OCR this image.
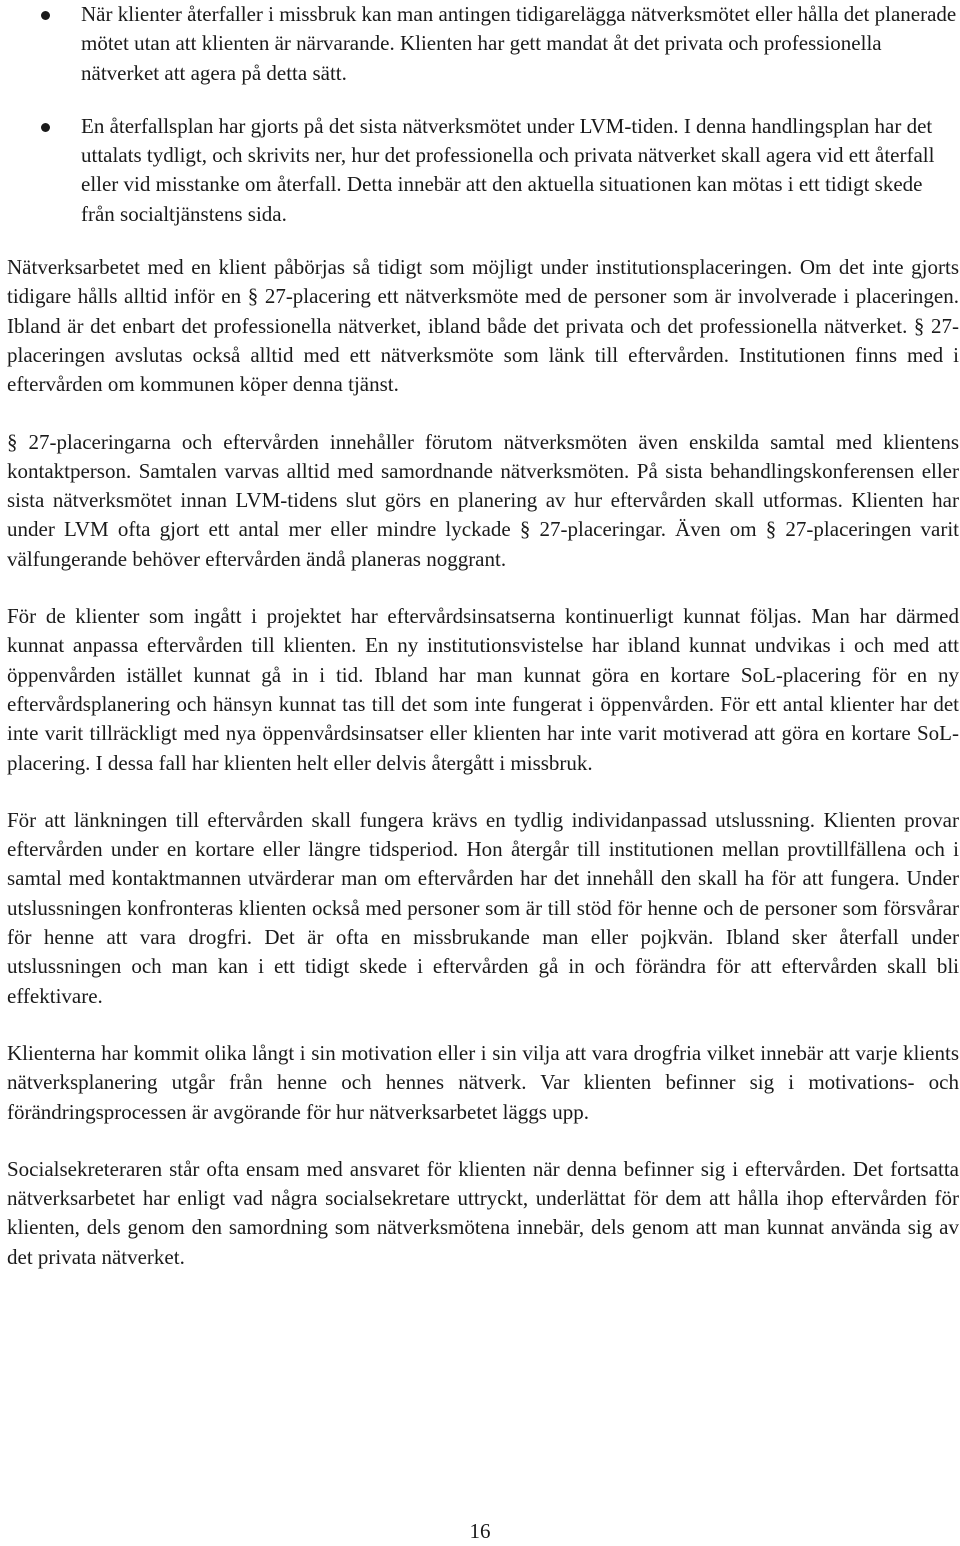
När klienter återfaller i missbruk kan man antingen tidigarelägga nätverksmötet eller hålla det planerade mötet utan att klienten är närvarande. Klienten har gett mandat åt det privata och professionella nätverket att agera på detta sätt.
En återfallsplan har gjorts på det sista nätverksmötet under LVM-tiden. I denna handlingsplan har det uttalats tydligt, och skrivits ner, hur det professionella och privata nätverket skall agera vid ett återfall eller vid misstanke om återfall. Detta innebär att den aktuella situationen kan mötas i ett tidigt skede från socialtjänstens sida.

Nätverksarbetet med en klient påbörjas så tidigt som möjligt under institutionsplaceringen. Om det inte gjorts tidigare hålls alltid inför en § 27-placering ett nätverksmöte med de personer som är involverade i placeringen. Ibland är det enbart det professionella nätverket, ibland både det privata och det professionella nätverket. § 27-placeringen avslutas också alltid med ett nätverksmöte som länk till eftervården. Institutionen finns med i eftervården om kommunen köper denna tjänst.

§ 27-placeringarna och eftervården innehåller förutom nätverksmöten även enskilda samtal med klientens kontaktperson. Samtalen varvas alltid med samordnande nätverksmöten. På sista behandlingskonferensen eller sista nätverksmötet innan LVM-tidens slut görs en planering av hur eftervården skall utformas. Klienten har under LVM ofta gjort ett antal mer eller mindre lyckade § 27-placeringar. Även om § 27-placeringen varit välfungerande behöver eftervården ändå planeras noggrant.

För de klienter som ingått i projektet har eftervårdsinsatserna kontinuerligt kunnat följas. Man har därmed kunnat anpassa eftervården till klienten. En ny institutionsvistelse har ibland kunnat undvikas i och med att öppenvården istället kunnat gå in i tid. Ibland har man kunnat göra en kortare SoL-placering för en ny eftervårdsplanering och hänsyn kunnat tas till det som inte fungerat i öppenvården. För ett antal klienter har det inte varit tillräckligt med nya öppenvårdsinsatser eller klienten har inte varit motiverad att göra en kortare SoL-placering. I dessa fall har klienten helt eller delvis återgått i missbruk.

För att länkningen till eftervården skall fungera krävs en tydlig individanpassad utslussning. Klienten provar eftervården under en kortare eller längre tidsperiod. Hon återgår till institutionen mellan provtillfällena och i samtal med kontaktmannen utvärderar man om eftervården har det innehåll den skall ha för att fungera. Under utslussningen konfronteras klienten också med personer som är till stöd för henne och de personer som försvårar för henne att vara drogfri. Det är ofta en missbrukande man eller pojkvän. Ibland sker återfall under utslussningen och man kan i ett tidigt skede i eftervården gå in och förändra för att eftervården skall bli effektivare.

Klienterna har kommit olika långt i sin motivation eller i sin vilja att vara drogfria vilket innebär att varje klients nätverksplanering utgår från henne och hennes nätverk. Var klienten befinner sig i motivations- och förändringsprocessen är avgörande för hur nätverksarbetet läggs upp.

Socialsekreteraren står ofta ensam med ansvaret för klienten när denna befinner sig i eftervården. Det fortsatta nätverksarbetet har enligt vad några socialsekretare uttryckt, underlättat för dem att hålla ihop eftervården för klienten, dels genom den samordning som nätverksmötena innebär, dels genom att man kunnat använda sig av det privata nätverket.

16
